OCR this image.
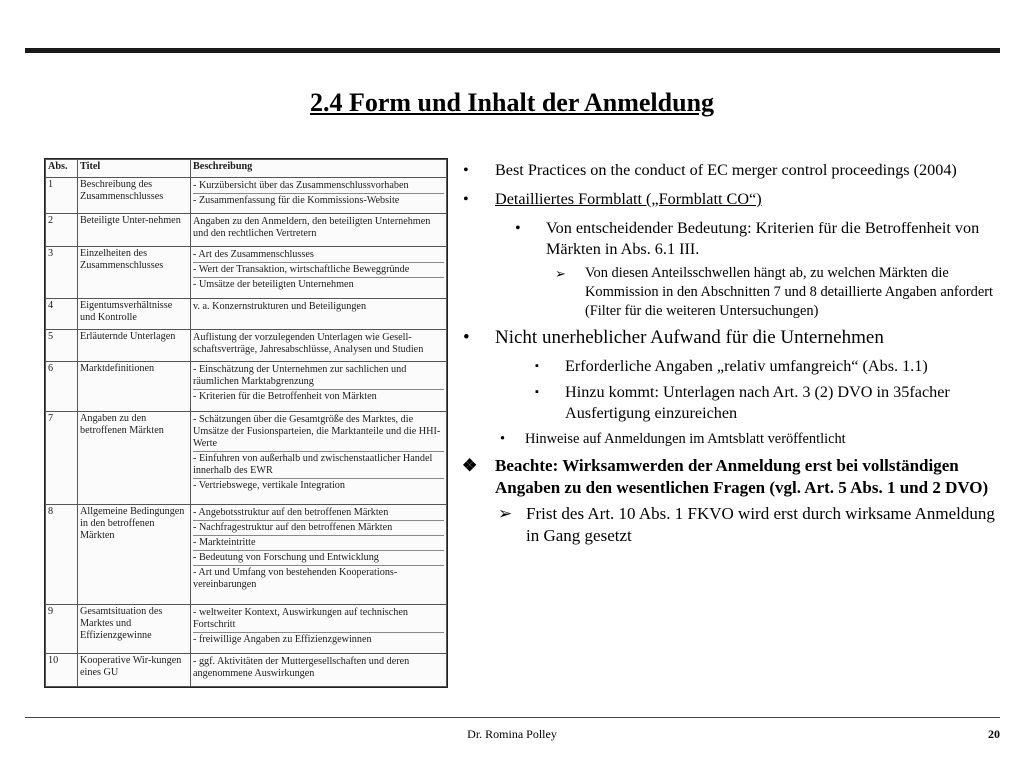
2.4 Form und Inhalt der Anmeldung
Abs.	Titel	Beschreibung
1	Beschreibung des Zusammenschlusses	- Kurzübersicht über das Zusammenschlussvorhaben
- Zusammenfassung für die Kommissions-Website

2	Beteiligte Unter-nehmen	Angaben zu den Anmeldern, den beteiligten Unternehmen und den rechtlichen Vertretern

3	Einzelheiten des Zusammenschlusses	- Art des Zusammenschlusses
- Wert der Transaktion, wirtschaftliche Beweggründe
- Umsätze der beteiligten Unternehmen

4	Eigentumsverhältnisse und Kontrolle	v. a. Konzernstrukturen und Beteiligungen

5	Erläuternde Unterlagen	Auflistung der vorzulegenden Unterlagen wie Gesell-schaftsverträge, Jahresabschlüsse, Analysen und Studien

6	Marktdefinitionen	- Einschätzung der Unternehmen zur sachlichen und räumlichen Marktabgrenzung
- Kriterien für die Betroffenheit von Märkten

7	Angaben zu den betroffenen Märkten	- Schätzungen über die Gesamtgröße des Marktes, die Umsätze der Fusionsparteien, die Marktanteile und die HHI-Werte
- Einfuhren von außerhalb und zwischenstaatlicher Handel innerhalb des EWR
- Vertriebswege, vertikale Integration

8	Allgemeine Bedingungen in den betroffenen Märkten	- Angebotsstruktur auf den betroffenen Märkten
- Nachfragestruktur auf den betroffenen Märkten
- Markteintritte
- Bedeutung von Forschung und Entwicklung
- Art und Umfang von bestehenden Kooperations-vereinbarungen

9	Gesamtsituation des Marktes und Effizienzgewinne	- weltweiter Kontext, Auswirkungen auf technischen Fortschritt
- freiwillige Angaben zu Effizienzgewinnen

10	Kooperative Wir-kungen eines GU	- ggf. Aktivitäten der Muttergesellschaften und deren angenommene Auswirkungen
• Best Practices on the conduct of EC merger control proceedings (2004)
• Detailliertes Formblatt („Formblatt CO“)
• Von entscheidender Bedeutung: Kriterien für die Betroffenheit von Märkten in Abs. 6.1 III.
➢ Von diesen Anteilsschwellen hängt ab, zu welchen Märkten die Kommission in den Abschnitten 7 und 8 detaillierte Angaben anfordert (Filter für die weiteren Untersuchungen)
• Nicht unerheblicher Aufwand für die Unternehmen
▪ Erforderliche Angaben „relativ umfangreich“ (Abs. 1.1)
▪ Hinzu kommt: Unterlagen nach Art. 3 (2) DVO in 35facher Ausfertigung einzureichen
• Hinweise auf Anmeldungen im Amtsblatt veröffentlicht
❖ Beachte: Wirksamwerden der Anmeldung erst bei vollständigen Angaben zu den wesentlichen Fragen (vgl. Art. 5 Abs. 1 und 2 DVO)
➢ Frist des Art. 10 Abs. 1 FKVO wird erst durch wirksame Anmeldung in Gang gesetzt
Dr. Romina Polley	20
